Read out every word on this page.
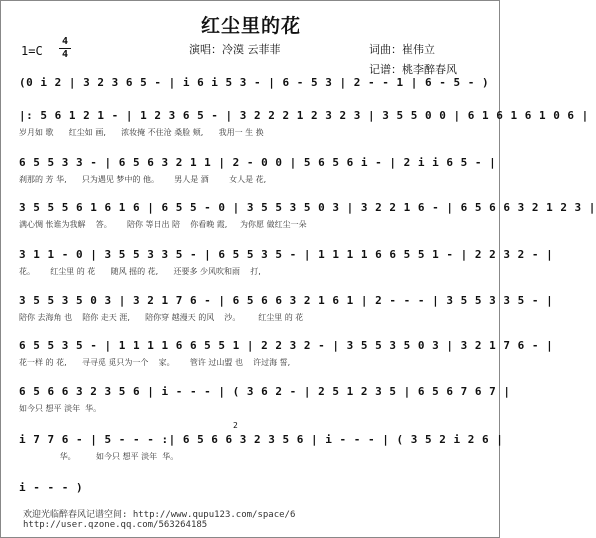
红尘里的花
演唱：冷漠 云菲菲	词曲：崔伟立
记谱：桃李醉春风
1=C
4
4
(0 i 2 | 3 2 3 6 5 - | i 6 i 5 3 - | 6 - 5 3 | 2 - - 1 | 6 - 5 - )
|: 5 6 1 2 1 - | 1 2 3 6 5 - | 3 2 2 2 1 2 3 2 3 | 3 5 5 0 0 | 6 1 6 1 6 1 0 6 |
岁月如 歌      红尘如 画,      浓妆掩 不住沧 桑脸 颊,      我用一 生 换
6 5 5 3 3 - | 6 5 6 3 2 1 1 | 2 - 0 0 | 5 6 5 6 i - | 2 i i 6 5 - |
刹那的 芳 华,      只为遇见 梦中的 他。      男人是 酒        女人是 花,
3 5 5 5 6 1 6 1 6 | 6 5 5 - 0 | 3 5 5 3 5 0 3 | 3 2 2 1 6 - | 6 5 6 6 3 2 1 2 3 |
满心惆 怅谁为我解    答。      陪你 等日出 陪    你看晚 霞,     为你愿 做红尘一朵
3 1 1 - 0 | 3 5 5 3 3 5 - | 6 5 5 3 5 - | 1 1 1 1 6 6 5 5 1 - | 2 2 3 2 - |
花。      红尘里 的 花      随风 摇的 花,      还要多 少风吹和雨    打,
3 5 5 3 5 0 3 | 3 2 1 7 6 - | 6 5 6 6 3 2 1 6 1 | 2 - - - | 3 5 5 3 3 5 - |
陪你 去海角 也    陪你 走天 涯,      陪你穿 越漫天 的风    沙。       红尘里 的 花
6 5 5 3 5 - | 1 1 1 1 6 6 5 5 1 | 2 2 3 2 - | 3 5 5 3 5 0 3 | 3 2 1 7 6 - |
花一样 的 花,      寻寻觅 觅只为一个    家。      管许 过山盟 也    许过海 誓,
6 5 6 6 3 2 3 5 6 | i - - - | ( 3 6 2 - | 2 5 1 2 3 5 | 6 5 6 7 6 7 |
如今只 想平 淡年  华。
i 7 7 6 - | 5 - - - :| 6 5 6 6 3 2 3 5 6 | i - - - | ( 3 5 2 i 2 6 |
华。        如今只 想平 淡年  华。
2
i - - - )
欢迎光临醉春风记谱空间: http://www.qupu123.com/space/6
http://user.qzone.qq.com/563264185
